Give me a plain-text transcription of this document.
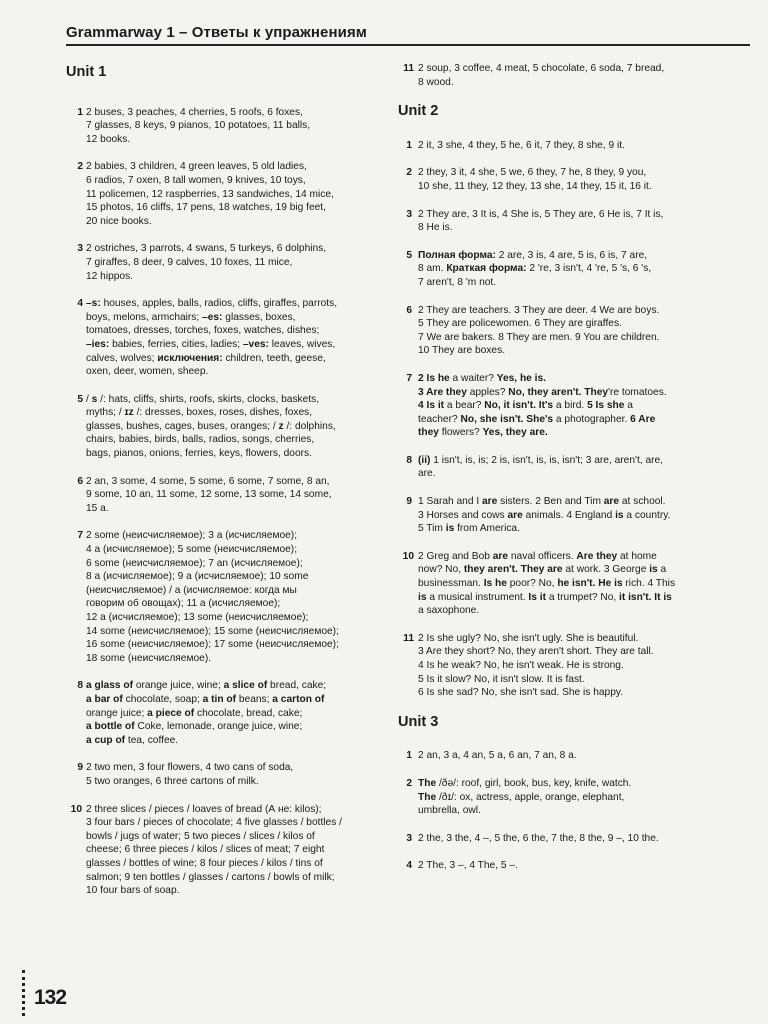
Grammarway 1 – Ответы к упражнениям
Unit 1
1 2 buses, 3 peaches, 4 cherries, 5 roofs, 6 foxes,
7 glasses, 8 keys, 9 pianos, 10 potatoes, 11 balls,
12 books.

2 2 babies, 3 children, 4 green leaves, 5 old ladies,
6 radios, 7 oxen, 8 tall women, 9 knives, 10 toys,
11 policemen, 12 raspberries, 13 sandwiches, 14 mice,
15 photos, 16 cliffs, 17 pens, 18 watches, 19 big feet,
20 nice books.

3 2 ostriches, 3 parrots, 4 swans, 5 turkeys, 6 dolphins,
7 giraffes, 8 deer, 9 calves, 10 foxes, 11 mice,
12 hippos.

4 –s: houses, apples, balls, radios, cliffs, giraffes, parrots,
boys, melons, armchairs; –es: glasses, boxes,
tomatoes, dresses, torches, foxes, watches, dishes;
–ies: babies, ferries, cities, ladies; –ves: leaves, wives,
calves, wolves; исключения: children, teeth, geese,
oxen, deer, women, sheep.

5 / s /: hats, cliffs, shirts, roofs, skirts, clocks, baskets,
myths; / ɪz /: dresses, boxes, roses, dishes, foxes,
glasses, bushes, cages, buses, oranges; / z /: dolphins,
chairs, babies, birds, balls, radios, songs, cherries,
bags, pianos, onions, ferries, keys, flowers, doors.

6 2 an, 3 some, 4 some, 5 some, 6 some, 7 some, 8 an,
9 some, 10 an, 11 some, 12 some, 13 some, 14 some,
15 a.

7 2 some (неисчисляемое); 3 a (исчисляемое);
4 a (исчисляемое); 5 some (неисчисляемое);
6 some (неисчисляемое); 7 an (исчисляемое);
8 a (исчисляемое); 9 a (исчисляемое); 10 some
(неисчисляемое) / a (исчисляемое: когда мы
говорим об овощах); 11 a (исчисляемое);
12 a (исчисляемое); 13 some (неисчисляемое);
14 some (неисчисляемое); 15 some (неисчисляемое);
16 some (неисчисляемое); 17 some (неисчисляемое);
18 some (неисчисляемое).

8 a glass of orange juice, wine; a slice of bread, cake;
a bar of chocolate, soap; a tin of beans; a carton of
orange juice; a piece of chocolate, bread, cake;
a bottle of Coke, lemonade, orange juice, wine;
a cup of tea, coffee.

9 2 two men, 3 four flowers, 4 two cans of soda,
5 two oranges, 6 three cartons of milk.

10 2 three slices / pieces / loaves of bread (А не: kilos);
3 four bars / pieces of chocolate; 4 five glasses / bottles /
bowls / jugs of water; 5 two pieces / slices / kilos of
cheese; 6 three pieces / kilos / slices of meat; 7 eight
glasses / bottles of wine; 8 four pieces / kilos / tins of
salmon; 9 ten bottles / glasses / cartons / bowls of milk;
10 four bars of soap.

11 2 soup, 3 coffee, 4 meat, 5 chocolate, 6 soda, 7 bread,
8 wood.

Unit 2
1 2 it, 3 she, 4 they, 5 he, 6 it, 7 they, 8 she, 9 it.

2 2 they, 3 it, 4 she, 5 we, 6 they, 7 he, 8 they, 9 you,
10 she, 11 they, 12 they, 13 she, 14 they, 15 it, 16 it.

3 2 They are, 3 It is, 4 She is, 5 They are, 6 He is, 7 It is,
8 He is.

5 Полная форма: 2 are, 3 is, 4 are, 5 is, 6 is, 7 are,
8 am. Краткая форма: 2 're, 3 isn't, 4 're, 5 's, 6 's,
7 aren't, 8 'm not.

6 2 They are teachers. 3 They are deer. 4 We are boys.
5 They are policewomen. 6 They are giraffes.
7 We are bakers. 8 They are men. 9 You are children.
10 They are boxes.

7 2 Is he a waiter? Yes, he is.
3 Are they apples? No, they aren't. They're tomatoes.
4 Is it a bear? No, it isn't. It's a bird. 5 Is she a
teacher? No, she isn't. She's a photographer. 6 Are
they flowers? Yes, they are.

8 (ii) 1 isn't, is, is; 2 is, isn't, is, is, isn't; 3 are, aren't, are,
are.

9 1 Sarah and I are sisters. 2 Ben and Tim are at school.
3 Horses and cows are animals. 4 England is a country.
5 Tim is from America.

10 2 Greg and Bob are naval officers. Are they at home
now? No, they aren't. They are at work. 3 George is a
businessman. Is he poor? No, he isn't. He is rich. 4 This
is a musical instrument. Is it a trumpet? No, it isn't. It is
a saxophone.

11 2 Is she ugly? No, she isn't ugly. She is beautiful.
3 Are they short? No, they aren't short. They are tall.
4 Is he weak? No, he isn't weak. He is strong.
5 Is it slow? No, it isn't slow. It is fast.
6 Is she sad? No, she isn't sad. She is happy.

Unit 3
1 2 an, 3 a, 4 an, 5 a, 6 an, 7 an, 8 a.

2 The /ðə/: roof, girl, book, bus, key, knife, watch.
The /ðɪ/: ox, actress, apple, orange, elephant,
umbrella, owl.

3 2 the, 3 the, 4 –, 5 the, 6 the, 7 the, 8 the, 9 –, 10 the.

4 2 The, 3 –, 4 The, 5 –.

132
